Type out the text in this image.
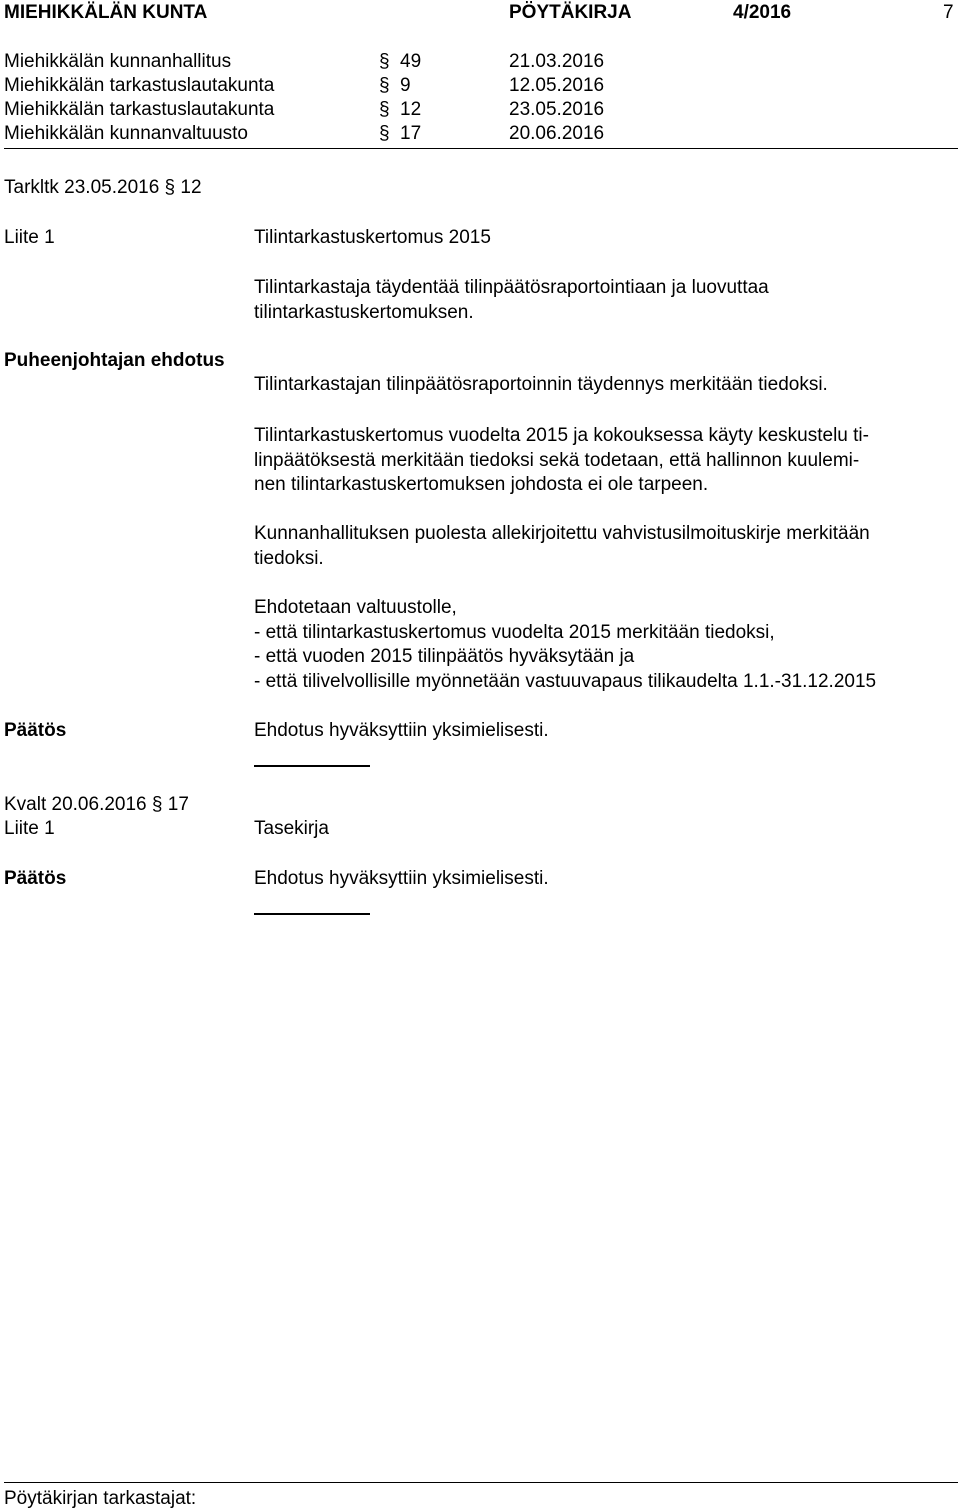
MIEHIKKÄLÄN KUNTA	PÖYTÄKIRJA	4/2016	7
Miehikkälän kunnanhallitus	§ 49	21.03.2016
Miehikkälän tarkastuslautakunta	§ 9	12.05.2016
Miehikkälän tarkastuslautakunta	§ 12	23.05.2016
Miehikkälän kunnanvaltuusto	§ 17	20.06.2016
Tarkltk 23.05.2016 § 12
Liite 1	Tilintarkastuskertomus 2015
Tilintarkastaja täydentää tilinpäätösraportointiaan ja luovuttaa
tilintarkastuskertomuksen.
Puheenjohtajan ehdotus
Tilintarkastajan tilinpäätösraportoinnin täydennys merkitään tiedoksi.
Tilintarkastuskertomus vuodelta 2015 ja kokouksessa käyty keskustelu ti-
linpäätöksestä merkitään tiedoksi sekä todetaan, että hallinnon kuulemi-
nen tilintarkastuskertomuksen johdosta ei ole tarpeen.
Kunnanhallituksen puolesta allekirjoitettu vahvistusilmoituskirje merkitään
tiedoksi.
Ehdotetaan valtuustolle,
- että tilintarkastuskertomus vuodelta 2015 merkitään tiedoksi,
- että vuoden 2015 tilinpäätös hyväksytään ja
- että tilivelvollisille myönnetään vastuuvapaus tilikaudelta 1.1.-31.12.2015
Päätös	Ehdotus hyväksyttiin yksimielisesti.
Kvalt 20.06.2016 § 17
Liite 1	Tasekirja
Päätös	Ehdotus hyväksyttiin yksimielisesti.
Pöytäkirjan tarkastajat:
